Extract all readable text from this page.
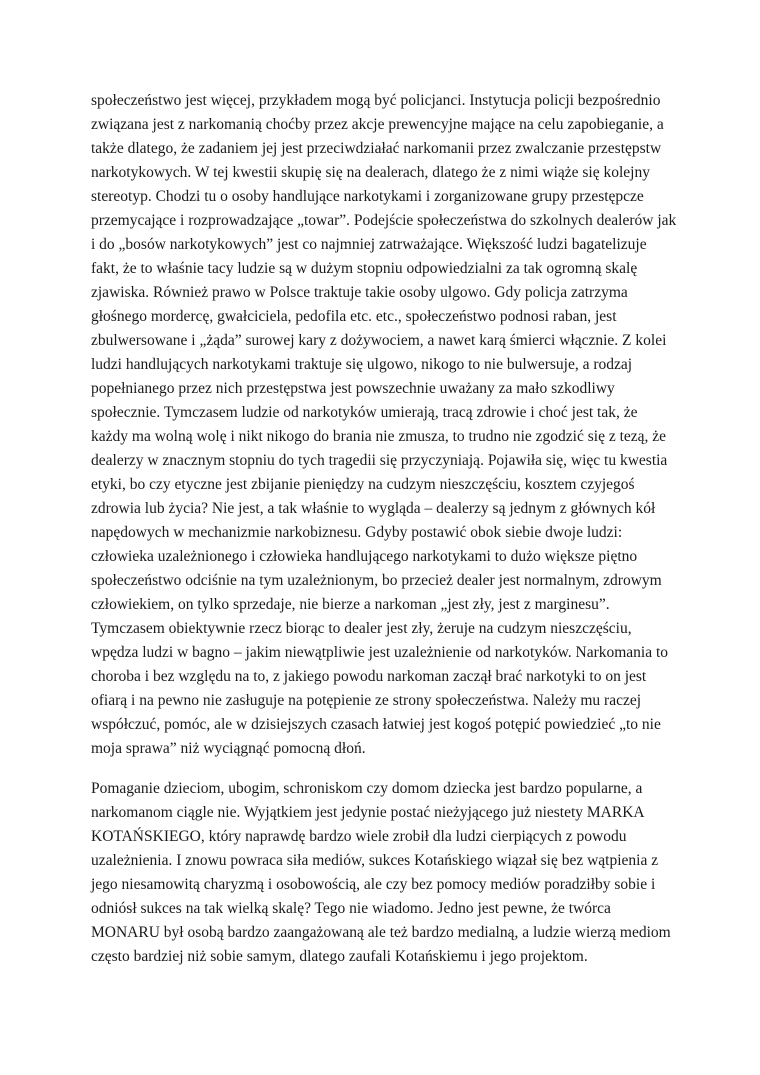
społeczeństwo jest więcej, przykładem mogą być policjanci. Instytucja policji bezpośrednio
związana jest z narkomanią choćby przez akcje prewencyjne mające na celu zapobieganie, a
także dlatego, że zadaniem jej jest przeciwdziałać narkomanii przez zwalczanie przestępstw
narkotykowych. W tej kwestii skupię się na dealerach, dlatego że z nimi wiąże się kolejny
stereotyp. Chodzi tu o osoby handlujące narkotykami i zorganizowane grupy przestępcze
przemycające i rozprowadzające „towar”. Podejście społeczeństwa do szkolnych dealerów jak
i do „bosów narkotykowych” jest co najmniej zatrważające. Większość ludzi bagatelizuje
fakt, że to właśnie tacy ludzie są w dużym stopniu odpowiedzialni za tak ogromną skalę
zjawiska. Również prawo w Polsce traktuje takie osoby ulgowo. Gdy policja zatrzyma
głośnego mordercę, gwałciciela, pedofila etc. etc., społeczeństwo podnosi raban, jest
zbulwersowane i „żąda” surowej kary z dożywociem, a nawet karą śmierci włącznie. Z kolei
ludzi handlujących narkotykami traktuje się ulgowo, nikogo to nie bulwersuje, a rodzaj
popełnianego przez nich przestępstwa jest powszechnie uważany za mało szkodliwy
społecznie. Tymczasem ludzie od narkotyków umierają, tracą zdrowie i choć jest tak, że
każdy ma wolną wolę i nikt nikogo do brania nie zmusza, to trudno nie zgodzić się z tezą, że
dealerzy w znacznym stopniu do tych tragedii się przyczyniają. Pojawiła się, więc tu kwestia
etyki, bo czy etyczne jest zbijanie pieniędzy na cudzym nieszczęściu, kosztem czyjegoś
zdrowia lub życia? Nie jest, a tak właśnie to wygląda – dealerzy są jednym z głównych kół
napędowych w mechanizmie narkobiznesu. Gdyby postawić obok siebie dwoje ludzi:
człowieka uzależnionego i człowieka handlującego narkotykami to dużo większe piętno
społeczeństwo odciśnie na tym uzależnionym, bo przecież dealer jest normalnym, zdrowym
człowiekiem, on tylko sprzedaje, nie bierze a narkoman „jest zły, jest z marginesu”.
Tymczasem obiektywnie rzecz biorąc to dealer jest zły, żeruje na cudzym nieszczęściu,
wpędza ludzi w bagno – jakim niewątpliwie jest uzależnienie od narkotyków. Narkomania to
choroba i bez względu na to, z jakiego powodu narkoman zaczął brać narkotyki to on jest
ofiarą i na pewno nie zasługuje na potępienie ze strony społeczeństwa. Należy mu raczej
współczuć, pomóc, ale w dzisiejszych czasach łatwiej jest kogoś potępić powiedzieć „to nie
moja sprawa” niż wyciągnąć pomocną dłoń.
Pomaganie dzieciom, ubogim, schroniskom czy domom dziecka jest bardzo popularne, a
narkomanom ciągle nie. Wyjątkiem jest jedynie postać nieżyjącego już niestety MARKA
KOTAŃSKIEGO, który naprawdę bardzo wiele zrobił dla ludzi cierpiących z powodu
uzależnienia. I znowu powraca siła mediów, sukces Kotańskiego wiązał się bez wątpienia z
jego niesamowitą charyzmą i osobowością, ale czy bez pomocy mediów poradziłby sobie i
odniósł sukces na tak wielką skalę? Tego nie wiadomo. Jedno jest pewne, że twórca
MONARU był osobą bardzo zaangażowaną ale też bardzo medialną, a ludzie wierzą mediom
często bardziej niż sobie samym, dlatego zaufali Kotańskiemu i jego projektom.
